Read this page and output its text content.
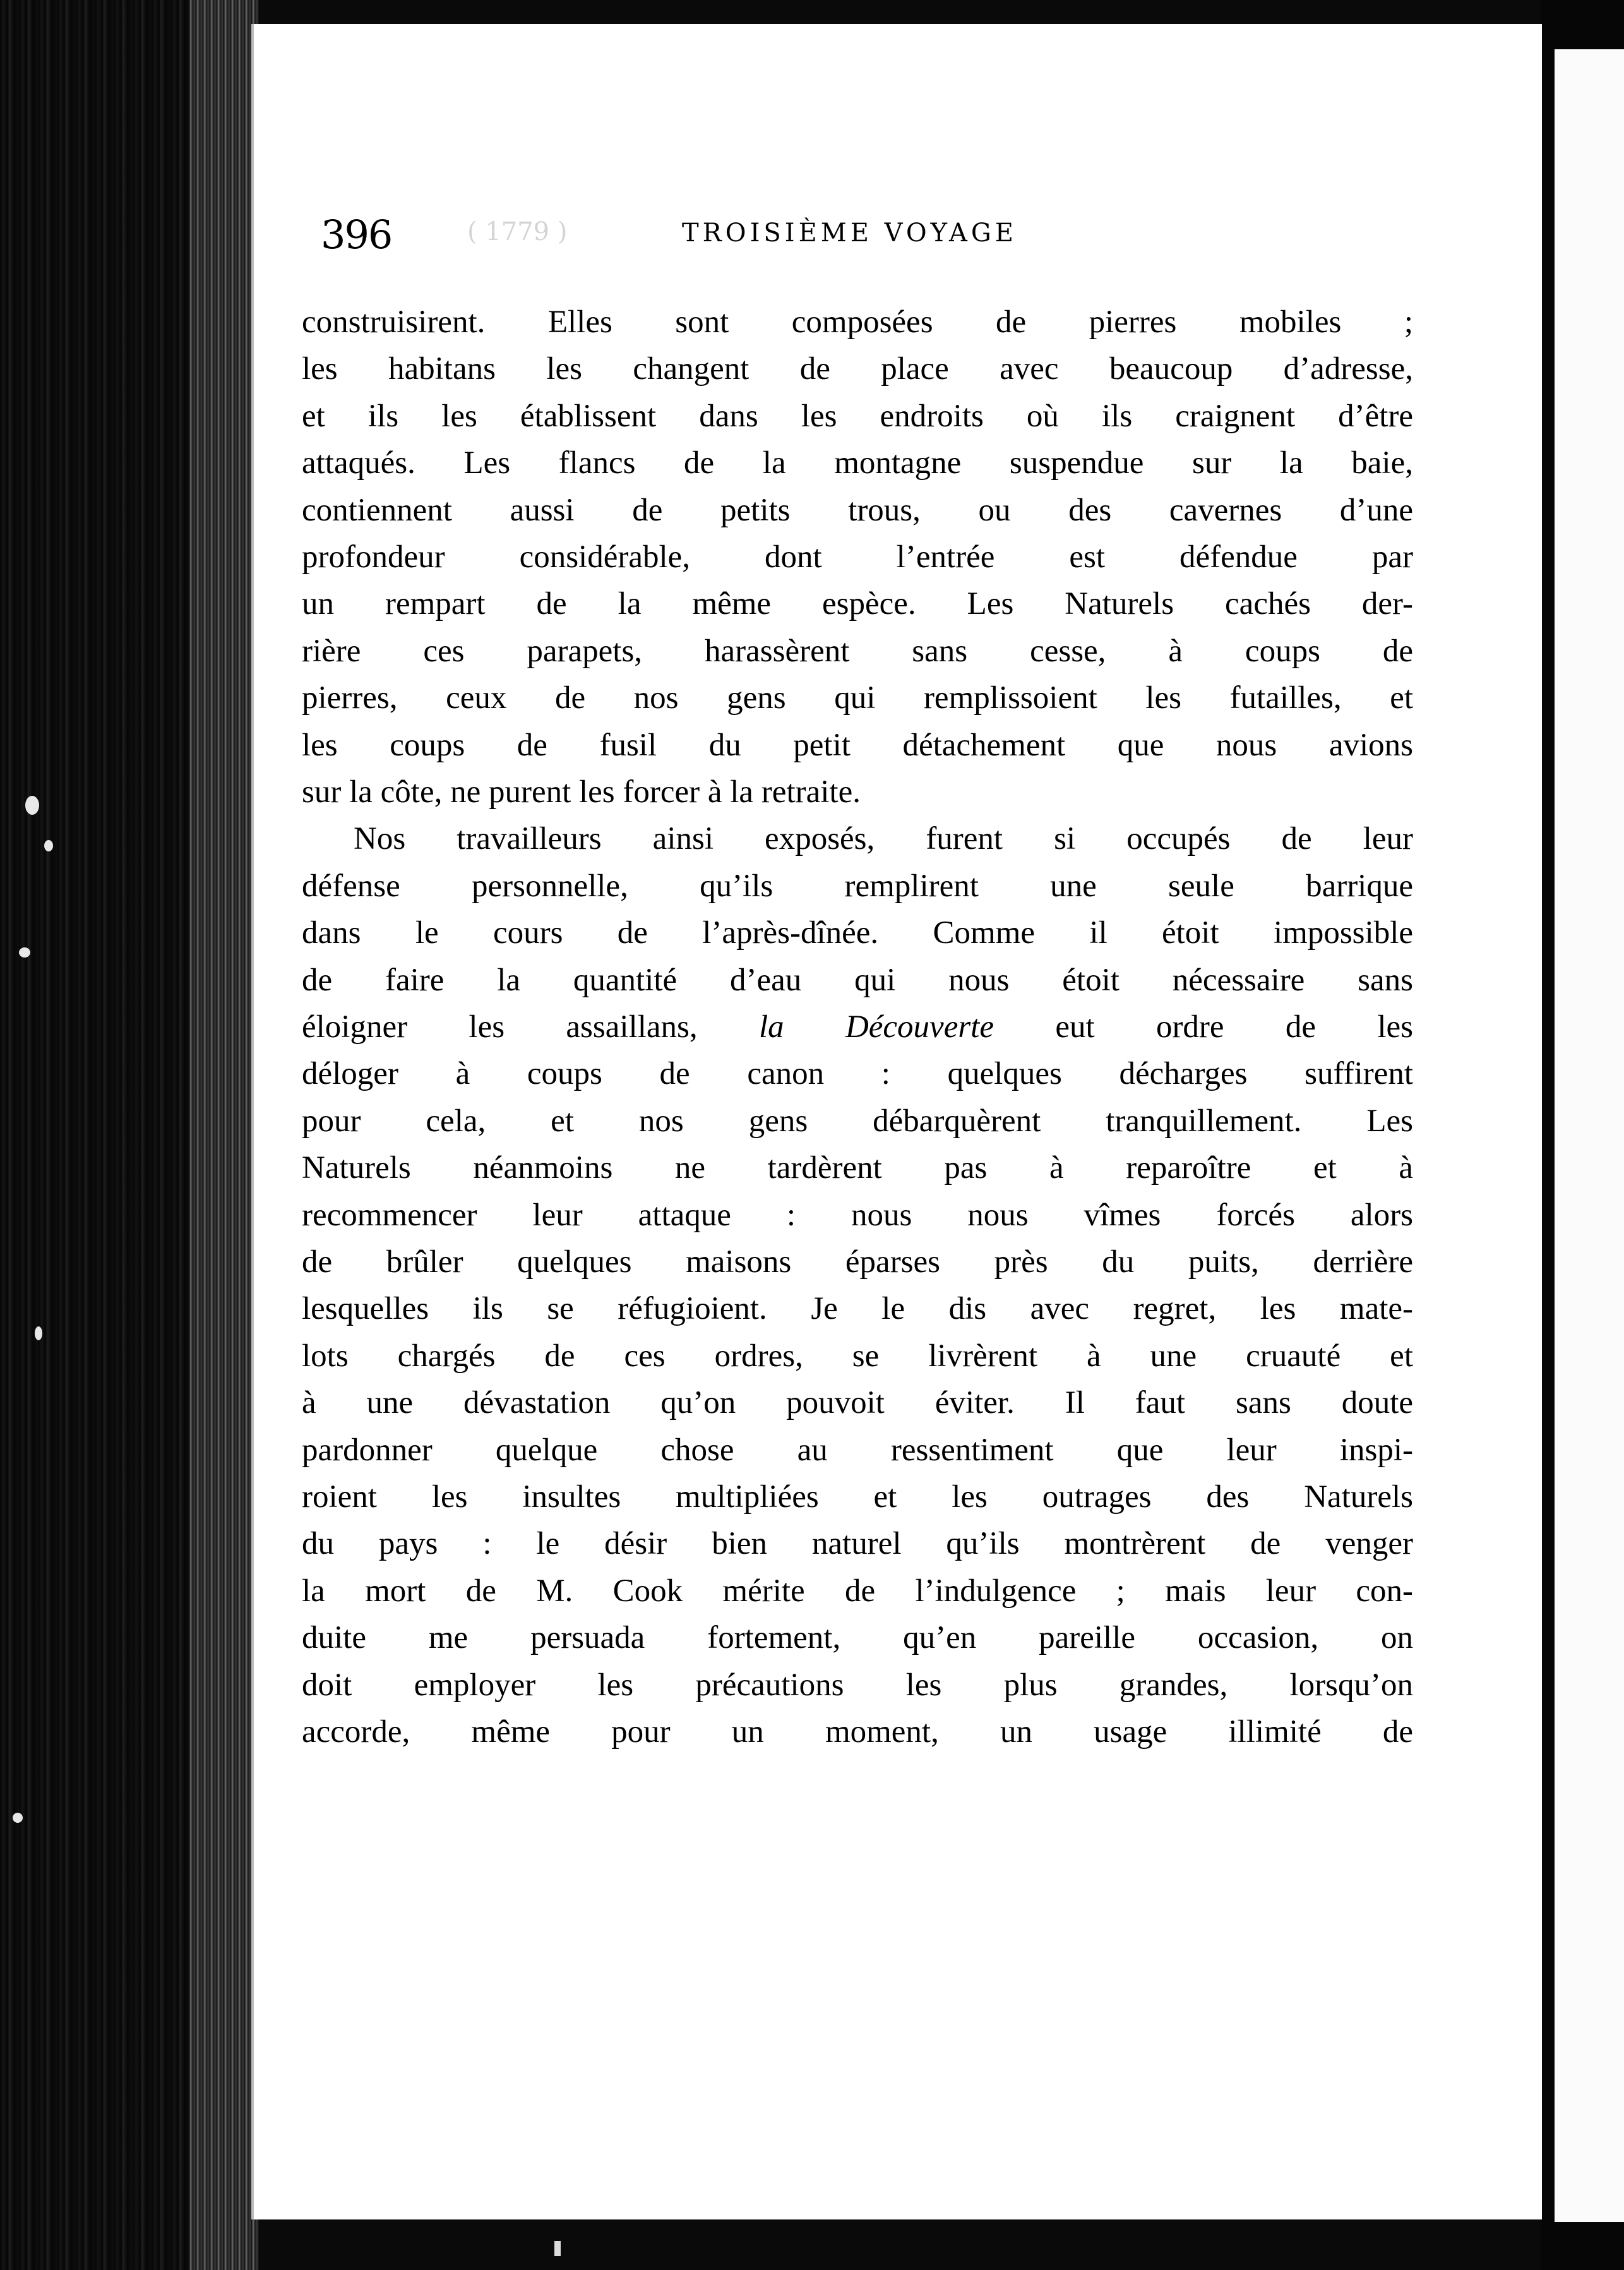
396	( 1779 )	TROISIÈME VOYAGE
construisirent. Elles sont composées de pierres mobiles ;
les habitans les changent de place avec beaucoup d’adresse,
et ils les établissent dans les endroits où ils craignent d’être
attaqués. Les flancs de la montagne suspendue sur la baie,
contiennent aussi de petits trous, ou des cavernes d’une
profondeur considérable, dont l’entrée est défendue par
un rempart de la même espèce. Les Naturels cachés der-
rière ces parapets, harassèrent sans cesse, à coups de
pierres, ceux de nos gens qui remplissoient les futailles, et
les coups de fusil du petit détachement que nous avions
sur la côte, ne purent les forcer à la retraite.
Nos travailleurs ainsi exposés, furent si occupés de leur
défense personnelle, qu’ils remplirent une seule barrique
dans le cours de l’après-dînée. Comme il étoit impossible
de faire la quantité d’eau qui nous étoit nécessaire sans
éloigner les assaillans, la Découverte eut ordre de les
déloger à coups de canon : quelques décharges suffirent
pour cela, et nos gens débarquèrent tranquillement. Les
Naturels néanmoins ne tardèrent pas à reparoître et à
recommencer leur attaque : nous nous vîmes forcés alors
de brûler quelques maisons éparses près du puits, derrière
lesquelles ils se réfugioient. Je le dis avec regret, les mate-
lots chargés de ces ordres, se livrèrent à une cruauté et
à une dévastation qu’on pouvoit éviter. Il faut sans doute
pardonner quelque chose au ressentiment que leur inspi-
roient les insultes multipliées et les outrages des Naturels
du pays : le désir bien naturel qu’ils montrèrent de venger
la mort de M. Cook mérite de l’indulgence ; mais leur con-
duite me persuada fortement, qu’en pareille occasion, on
doit employer les précautions les plus grandes, lorsqu’on
accorde, même pour un moment, un usage illimité de
